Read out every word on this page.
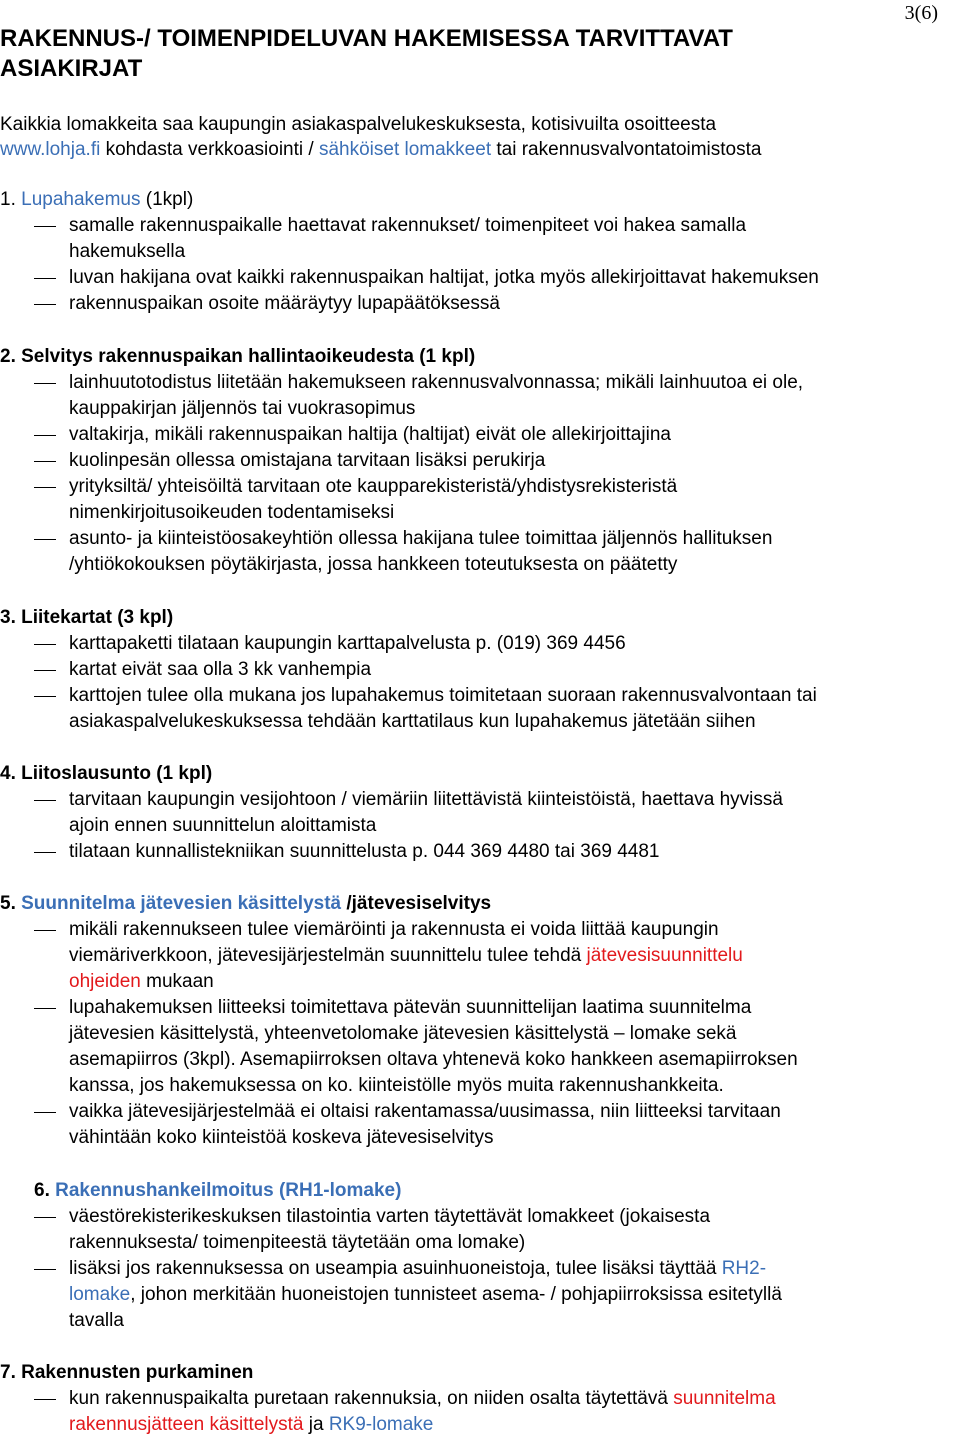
3(6)
RAKENNUS-/ TOIMENPIDELUVAN HAKEMISESSA TARVITTAVAT
ASIAKIRJAT
Kaikkia lomakkeita saa kaupungin asiakaspalvelukeskuksesta, kotisivuilta osoitteesta
www.lohja.fi kohdasta verkkoasiointi / sähköiset lomakkeet tai rakennusvalvontatoimistosta
1. Lupahakemus (1kpl)
samalle rakennuspaikalle haettavat rakennukset/ toimenpiteet voi hakea samalla
hakemuksella
luvan hakijana ovat kaikki rakennuspaikan haltijat, jotka myös allekirjoittavat hakemuksen
rakennuspaikan osoite määräytyy lupapäätöksessä
2. Selvitys rakennuspaikan hallintaoikeudesta (1 kpl)
lainhuutotodistus liitetään hakemukseen rakennusvalvonnassa; mikäli lainhuutoa ei ole,
kauppakirjan jäljennös tai vuokrasopimus
valtakirja, mikäli rakennuspaikan haltija (haltijat) eivät ole allekirjoittajina
kuolinpesän ollessa omistajana tarvitaan lisäksi perukirja
yrityksiltä/ yhteisöiltä tarvitaan ote kaupparekisteristä/yhdistysrekisteristä
nimenkirjoitusoikeuden todentamiseksi
asunto- ja kiinteistöosakeyhtiön ollessa hakijana tulee toimittaa jäljennös hallituksen
/yhtiökokouksen pöytäkirjasta, jossa hankkeen toteutuksesta on päätetty
3. Liitekartat (3 kpl)
karttapaketti tilataan kaupungin karttapalvelusta p. (019) 369 4456
kartat eivät saa olla 3 kk vanhempia
karttojen tulee olla mukana jos lupahakemus toimitetaan suoraan rakennusvalvontaan tai
asiakaspalvelukeskuksessa tehdään karttatilaus kun lupahakemus jätetään siihen
4. Liitoslausunto (1 kpl)
tarvitaan kaupungin vesijohtoon / viemäriin liitettävistä kiinteistöistä, haettava hyvissä
ajoin ennen suunnittelun aloittamista
tilataan kunnallistekniikan suunnittelusta p. 044 369 4480 tai 369 4481
5. Suunnitelma jätevesien käsittelystä /jätevesiselvitys
mikäli rakennukseen tulee viemäröinti ja rakennusta ei voida liittää kaupungin
viemäriverkkoon, jätevesijärjestelmän suunnittelu tulee tehdä jätevesisuunnittelu
ohjeiden mukaan
lupahakemuksen liitteeksi toimitettava pätevän suunnittelijan laatima suunnitelma
jätevesien käsittelystä, yhteenvetolomake jätevesien käsittelystä – lomake sekä
asemapiirros (3kpl). Asemapiirroksen oltava yhtenevä koko hankkeen asemapiirroksen
kanssa, jos hakemuksessa on ko. kiinteistölle myös muita rakennushankkeita.
vaikka jätevesijärjestelmää ei oltaisi rakentamassa/uusimassa, niin liitteeksi tarvitaan
vähintään koko kiinteistöä koskeva jätevesiselvitys
6. Rakennushankeilmoitus (RH1-lomake)
väestörekisterikeskuksen tilastointia varten täytettävät lomakkeet (jokaisesta
rakennuksesta/ toimenpiteestä täytetään oma lomake)
lisäksi jos rakennuksessa on useampia asuinhuoneistoja, tulee lisäksi täyttää RH2-
lomake, johon merkitään huoneistojen tunnisteet asema- / pohjapiirroksissa esitetyllä
tavalla
7. Rakennusten purkaminen
kun rakennuspaikalta puretaan rakennuksia, on niiden osalta täytettävä suunnitelma
rakennusjätteen käsittelystä ja RK9-lomake
